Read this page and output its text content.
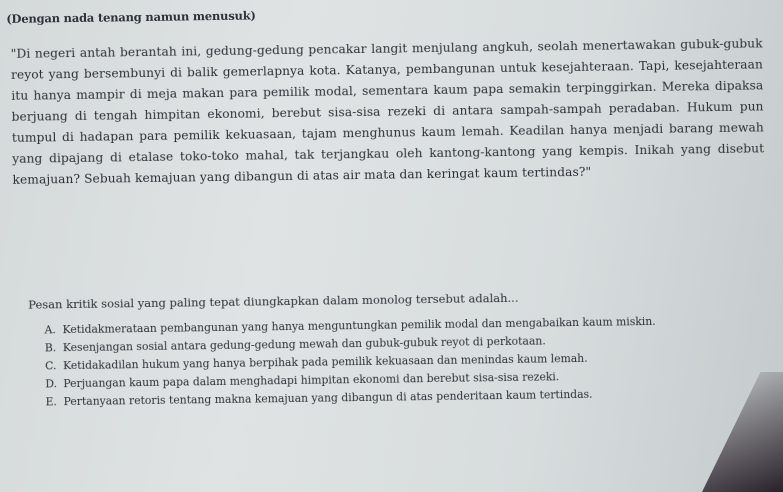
(Dengan nada tenang namun menusuk)
"Di negeri antah berantah ini, gedung-gedung pencakar langit menjulang angkuh, seolah menertawakan gubuk-gubuk reyot yang bersembunyi di balik gemerlapnya kota. Katanya, pembangunan untuk kesejahteraan. Tapi, kesejahteraan itu hanya mampir di meja makan para pemilik modal, sementara kaum papa semakin terpinggirkan. Mereka dipaksa berjuang di tengah himpitan ekonomi, berebut sisa-sisa rezeki di antara sampah-sampah peradaban. Hukum pun tumpul di hadapan para pemilik kekuasaan, tajam menghunus kaum lemah. Keadilan hanya menjadi barang mewah yang dipajang di etalase toko-toko mahal, tak terjangkau oleh kantong-kantong yang kempis. Inikah yang disebut kemajuan? Sebuah kemajuan yang dibangun di atas air mata dan keringat kaum tertindas?"
Pesan kritik sosial yang paling tepat diungkapkan dalam monolog tersebut adalah...
A. Ketidakmerataan pembangunan yang hanya menguntungkan pemilik modal dan mengabaikan kaum miskin.
B. Kesenjangan sosial antara gedung-gedung mewah dan gubuk-gubuk reyot di perkotaan.
C. Ketidakadilan hukum yang hanya berpihak pada pemilik kekuasaan dan menindas kaum lemah.
D. Perjuangan kaum papa dalam menghadapi himpitan ekonomi dan berebut sisa-sisa rezeki.
E. Pertanyaan retoris tentang makna kemajuan yang dibangun di atas penderitaan kaum tertindas.
